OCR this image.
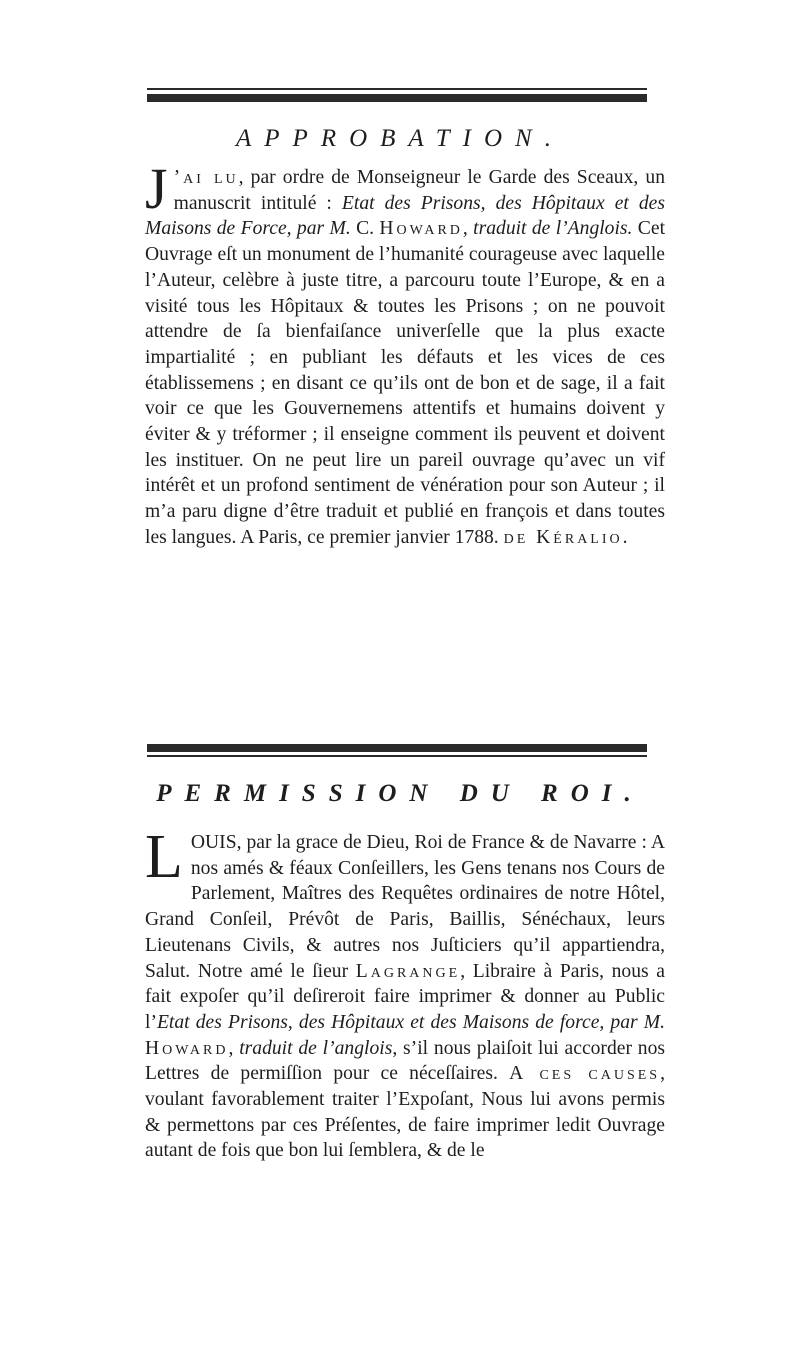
APPROBATION.

J ’ai lu, par ordre de Monseigneur le Garde des Sceaux, un manuscrit intitulé : Etat des Prisons, des Hôpitaux et des Maisons de Force, par M. C. Howard, traduit de l’Anglois. Cet Ouvrage eſt un monument de l’humanité courageuse avec laquelle l’Auteur, celèbre à juste titre, a parcouru toute l’Europe, & en a visité tous les Hôpitaux & toutes les Prisons ; on ne pouvoit attendre de ſa bienfaiſance univerſelle que la plus exacte impartialité ; en publiant les défauts et les vices de ces établissemens ; en disant ce qu’ils ont de bon et de sage, il a fait voir ce que les Gouvernemens attentifs et humains doivent y éviter & y tréformer ; il enseigne comment ils peuvent et doivent les instituer. On ne peut lire un pareil ouvrage qu’avec un vif intérêt et un profond sentiment de vénération pour son Auteur ; il m’a paru digne d’être traduit et publié en françois et dans toutes les langues. A Paris, ce premier janvier 1788. de Kéralio.

PERMISSION DU ROI.

LOUIS, par la grace de Dieu, Roi de France & de Navarre : A nos amés & féaux Conſeillers, les Gens tenans nos Cours de Parlement, Maîtres des Requêtes ordinaires de notre Hôtel, Grand Conſeil, Prévôt de Paris, Baillis, Sénéchaux, leurs Lieutenans Civils, & autres nos Juſticiers qu’il appartiendra, Salut. Notre amé le ſieur Lagrange, Libraire à Paris, nous a fait expoſer qu’il deſireroit faire imprimer & donner au Public l’Etat des Prisons, des Hôpitaux et des Maisons de force, par M. Howard, traduit de l’anglois, s’il nous plaiſoit lui accorder nos Lettres de permiſſion pour ce néceſſaires. A ces causes, voulant favorablement traiter l’Expoſant, Nous lui avons permis & permettons par ces Préſentes, de faire imprimer ledit Ouvrage autant de fois que bon lui ſemblera, & de le
